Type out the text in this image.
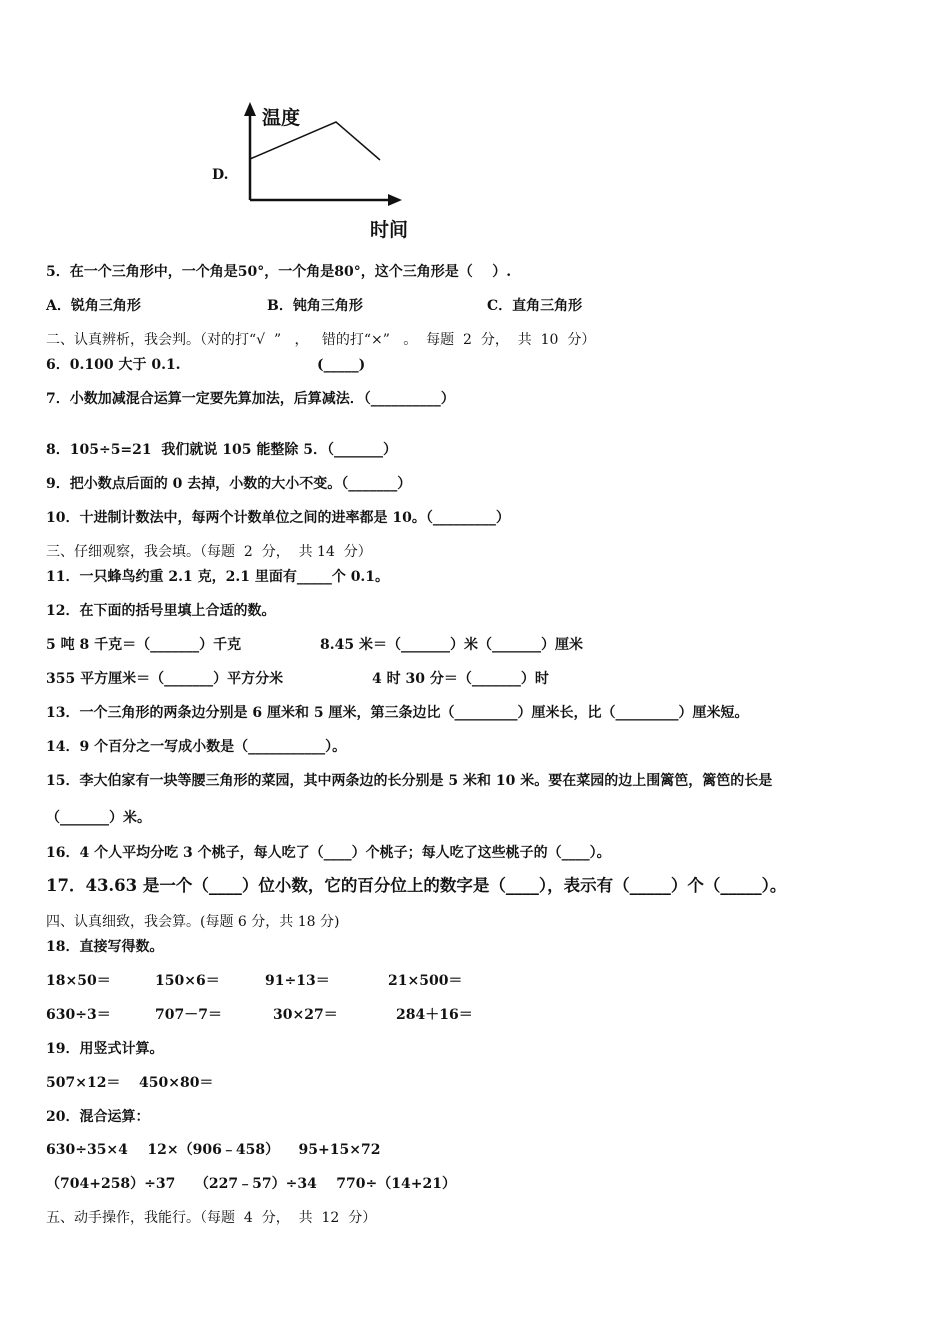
D.
温度
时间
5．在一个三角形中，一个角是50°，一个角是80°，这个三角形是（    ）.
A．锐角三角形	B．钝角三角形	C．直角三角形
二、认真辨析，我会判。（对的打“√  ”   ，   错的打“×”   。  每题  2  分，  共  10  分）
6．0.100 大于 0.1.                            (_____)
7．小数加减混合运算一定要先算加法，后算减法．（__________）
8．105÷5=21  我们就说 105 能整除 5．（_______）
9．把小数点后面的 0 去掉，小数的大小不变。（_______）
10．十进制计数法中，每两个计数单位之间的进率都是 10。（_________）
三、仔细观察，我会填。（每题  2  分，  共 14  分）
11．一只蜂鸟约重 2.1 克，2.1 里面有_____个 0.1。
12．在下面的括号里填上合适的数。
5 吨 8 千克＝（_______）千克	8.45 米＝（_______）米（_______）厘米
355 平方厘米＝（_______）平方分米	4 时 30 分＝（_______）时
13．一个三角形的两条边分别是 6 厘米和 5 厘米，第三条边比（_________）厘米长，比（_________）厘米短。
14．9 个百分之一写成小数是（___________）。
15．李大伯家有一块等腰三角形的菜园，其中两条边的长分别是 5 米和 10 米。要在菜园的边上围篱笆，篱笆的长是
（_______）米。
16．4 个人平均分吃 3 个桃子，每人吃了（____）个桃子；每人吃了这些桃子的（____）。
17．43.63 是一个（____）位小数，它的百分位上的数字是（____），表示有（_____）个（_____）。
四、认真细致，我会算。(每题 6 分，共 18 分)
18．直接写得数。
18×50＝	150×6＝	91÷13＝	21×500＝
630÷3＝	707－7＝	30×27＝	284＋16＝
19．用竖式计算。
507×12＝ 450×80＝
20．混合运算：
630÷35×4    12×（906﹣458）    95+15×72
（704+258）÷37    （227﹣57）÷34    770÷（14+21）
五、动手操作，我能行。（每题  4  分，  共  12  分）
